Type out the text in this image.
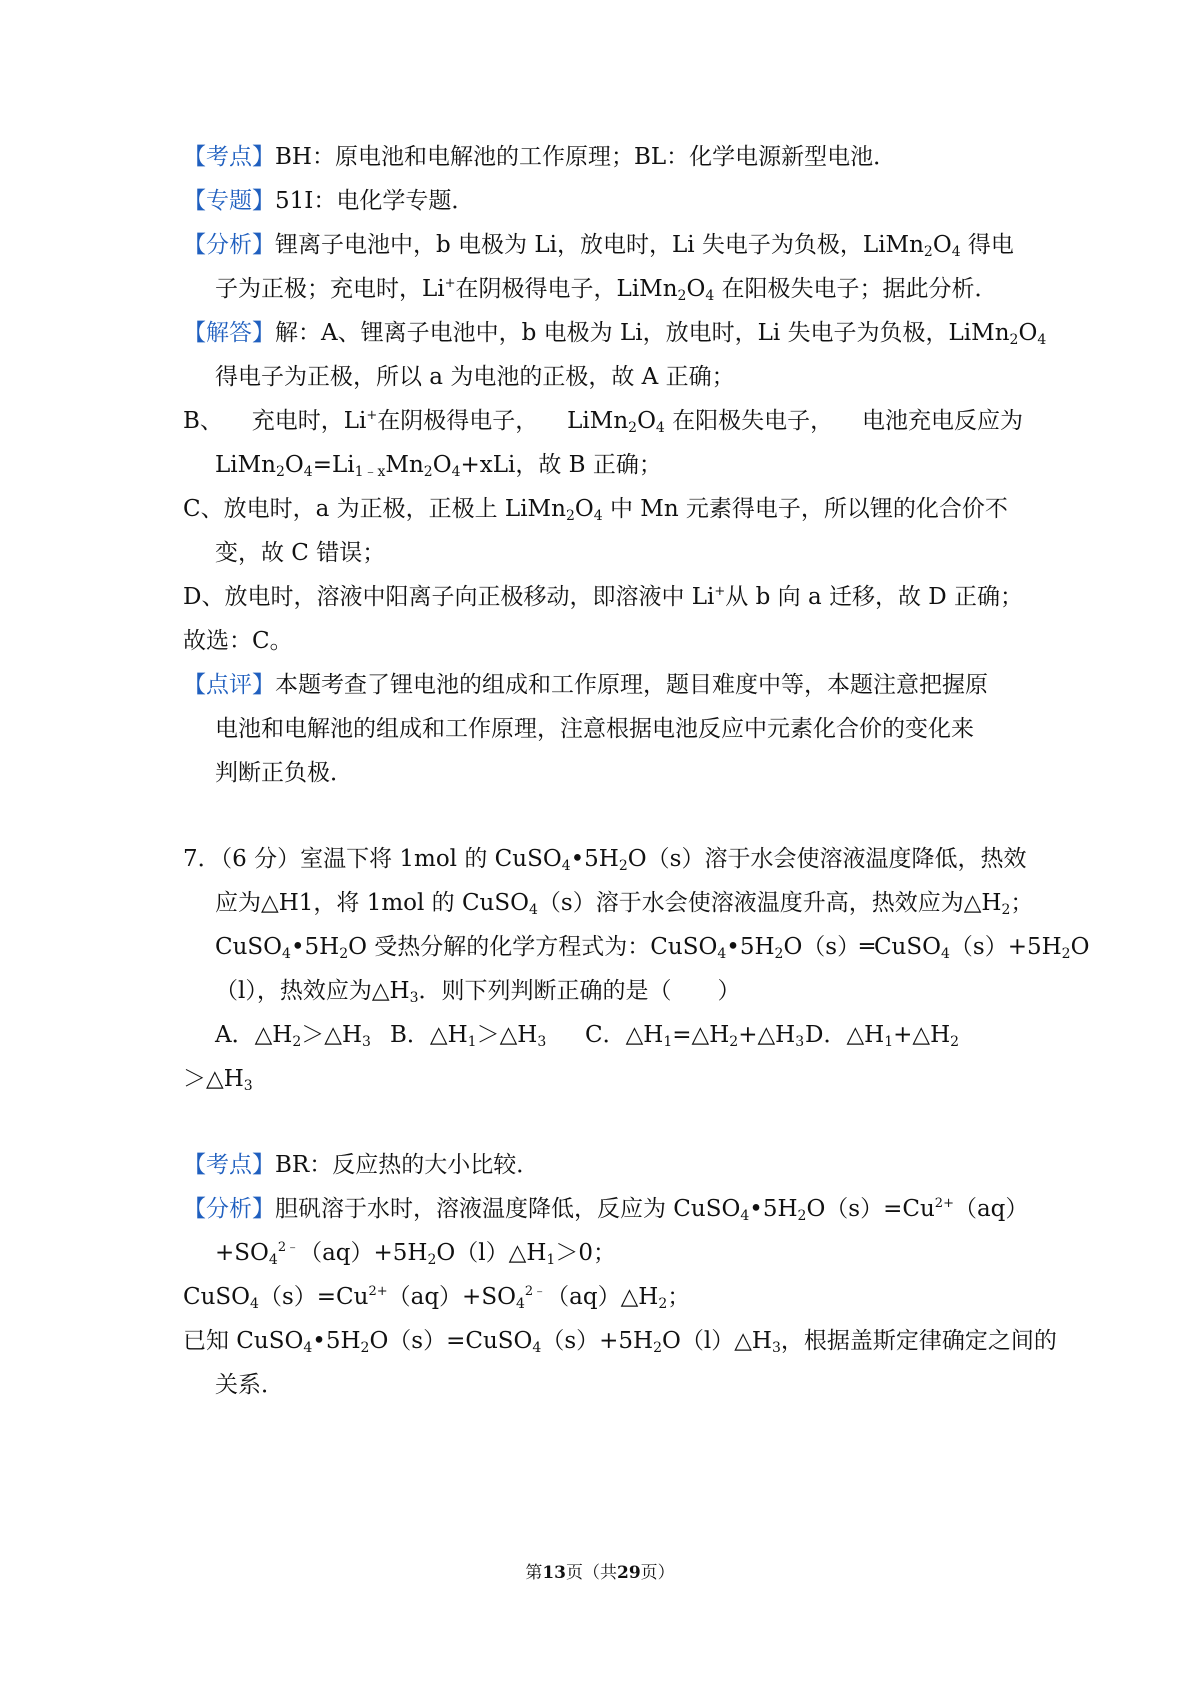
【考点】BH：原电池和电解池的工作原理；BL：化学电源新型电池．
【专题】51I：电化学专题．
【分析】锂离子电池中，b 电极为 Li，放电时，Li 失电子为负极，$LiMn_2O_4$ 得电
子为正极；充电时，Li+在阴极得电子，$LiMn_2O_4$ 在阳极失电子；据此分析．
【解答】解：A、锂离子电池中，b 电极为 Li，放电时，Li 失电子为负极，$LiMn_2O_4$
得电子为正极，所以 a 为电池的正极，故 A 正确；
B、 充电时，Li+在阴极得电子， $LiMn_2O_4$ 在阳极失电子， 电池充电反应为
$LiMn_2O_4=Li_{1﹣x}Mn_2O_4+xLi$，故 B 正确；
C、放电时，a 为正极，正极上 $LiMn_2O_4$ 中 Mn 元素得电子，所以锂的化合价不
变，故 C 错误；
D、放电时，溶液中阳离子向正极移动，即溶液中 Li+从 b 向 a 迁移，故 D 正确；
故选：C。
【点评】本题考查了锂电池的组成和工作原理，题目难度中等，本题注意把握原
电池和电解池的组成和工作原理，注意根据电池反应中元素化合价的变化来
判断正负极．
7．（6 分）室温下将 1mol 的 $CuSO_4•5H_2O(s)$溶于水会使溶液温度降低，热效
应为△H1，将 1mol 的 CuSO$_4$（s）溶于水会使溶液温度升高，热效应为$\triangle H_2$；
$CuSO_4•5H_2O$ 受热分解的化学方程式为：$CuSO_4•5H_2O(s)═CuSO_4(s)+5H_2O$
（l），热效应为$\triangle H_3$．则下列判断正确的是（　　）
A．$\triangle H_2>\triangle H_3$ B．$\triangle H_1>\triangle H_3$	C．$\triangle H_1=\triangle H_2+\triangle H_3$ D．$\triangle H_1+\triangle H_2$
$>\triangle H_3$
【考点】BR：反应热的大小比较．
【分析】胆矾溶于水时，溶液温度降低，反应为 $CuSO_4•5H_2O(s)=Cu^{2+}(aq)$
$+SO_4^{2﹣}(aq)+5H_2O(l)\triangle H_1>0$；
$CuSO_4(s)=Cu^{2+}(aq)+SO_4^{2﹣}(aq)\triangle H_2$；
已知 $CuSO_4•5H_2O(s)=CuSO_4(s)+5H_2O(l)\triangle H_3$，根据盖斯定律确定之间的
关系．
第13页（共29页）
